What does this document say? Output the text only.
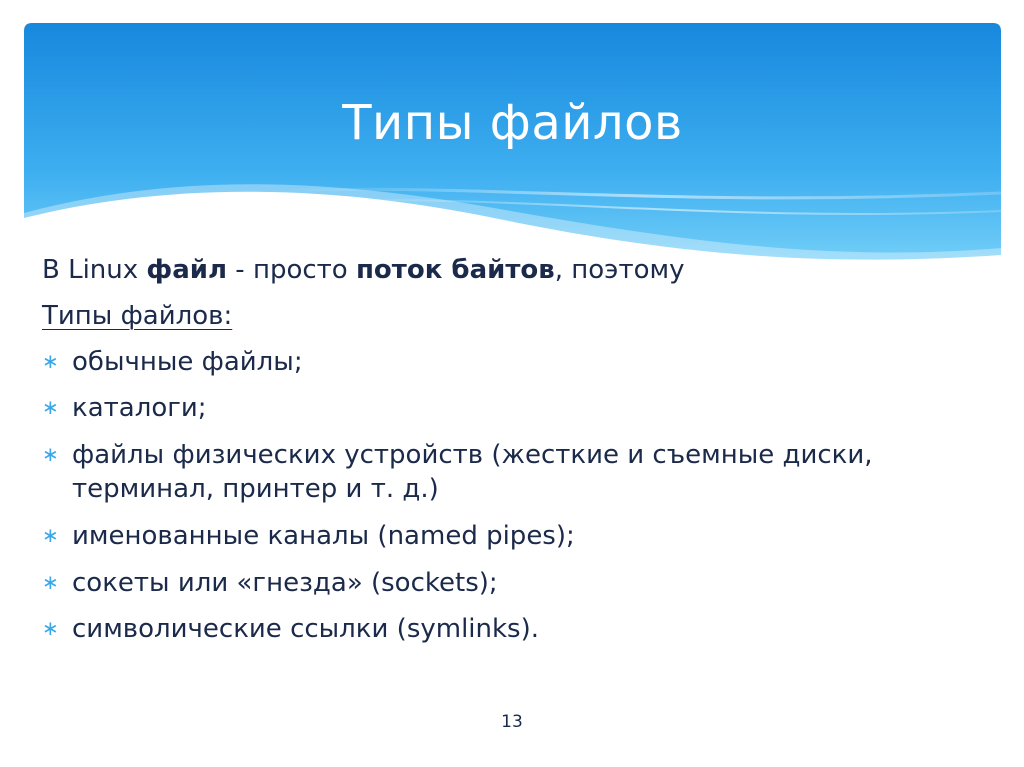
Типы файлов

В Linux файл - просто поток байтов, поэтому

Типы файлов:

∗ обычные файлы;
∗ каталоги;
∗ файлы физических устройств (жесткие и съемные диски, терминал, принтер и т. д.)
∗ именованные каналы (named pipes);
∗ сокеты или «гнезда» (sockets);
∗ символические ссылки (symlinks).
13
